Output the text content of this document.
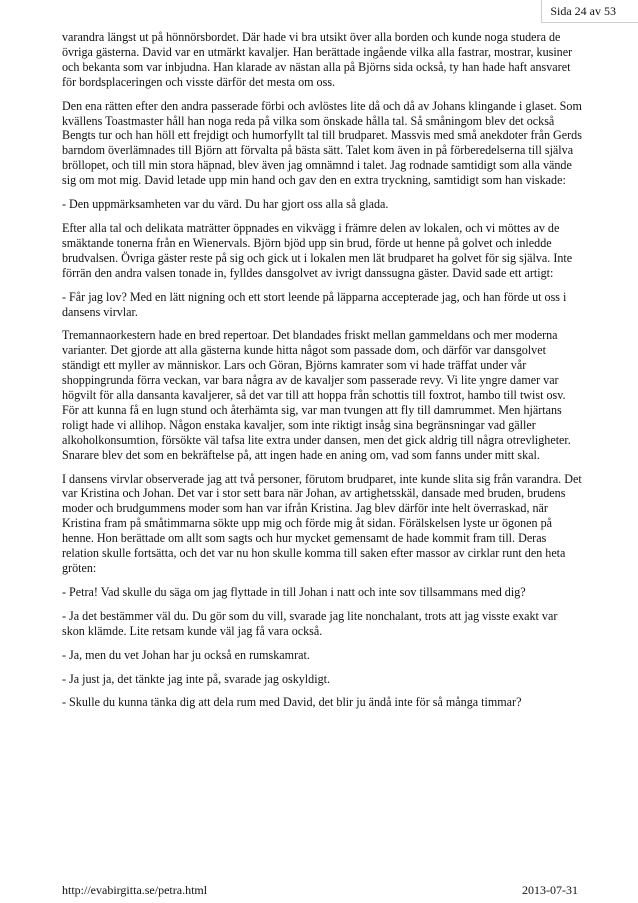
Sida 24 av 53

varandra längst ut på hönnörsbordet. Där hade vi bra utsikt över alla borden och kunde noga studera de övriga gästerna. David var en utmärkt kavaljer. Han berättade ingående vilka alla fastrar, mostrar, kusiner och bekanta som var inbjudna. Han klarade av nästan alla på Björns sida också, ty han hade haft ansvaret för bordsplaceringen och visste därför det mesta om oss.

Den ena rätten efter den andra passerade förbi och avlöstes lite då och då av Johans klingande i glaset. Som kvällens Toastmaster håll han noga reda på vilka som önskade hålla tal. Så småningom blev det också Bengts tur och han höll ett frejdigt och humorfyllt tal till brudparet. Massvis med små anekdoter från Gerds barndom överlämnades till Björn att förvalta på bästa sätt. Talet kom även in på förberedelserna till själva bröllopet, och till min stora häpnad, blev även jag omnämnd i talet. Jag rodnade samtidigt som alla vände sig om mot mig. David letade upp min hand och gav den en extra tryckning, samtidigt som han viskade:

- Den uppmärksamheten var du värd. Du har gjort oss alla så glada.

Efter alla tal och delikata maträtter öppnades en vikvägg i främre delen av lokalen, och vi möttes av de smäktande tonerna från en Wienervals. Björn bjöd upp sin brud, förde ut henne på golvet och inledde brudvalsen. Övriga gäster reste på sig och gick ut i lokalen men lät brudparet ha golvet för sig själva. Inte förrän den andra valsen tonade in, fylldes dansgolvet av ivrigt danssugna gäster. David sade ett artigt:

- Får jag lov? Med en lätt nigning och ett stort leende på läpparna accepterade jag, och han förde ut oss i dansens virvlar.

Tremannaorkestern hade en bred repertoar. Det blandades friskt mellan gammeldans och mer moderna varianter. Det gjorde att alla gästerna kunde hitta något som passade dom, och därför var dansgolvet ständigt ett myller av människor. Lars och Göran, Björns kamrater som vi hade träffat under vår shoppingrunda förra veckan, var bara några av de kavaljer som passerade revy. Vi lite yngre damer var högvilt för alla dansanta kavaljerer, så det var till att hoppa från schottis till foxtrot, hambo till twist osv. För att kunna få en lugn stund och återhämta sig, var man tvungen att fly till damrummet. Men hjärtans roligt hade vi allihop. Någon enstaka kavaljer, som inte riktigt insåg sina begränsningar vad gäller alkoholkonsumtion, försökte väl tafsa lite extra under dansen, men det gick aldrig till några otrevligheter. Snarare blev det som en bekräftelse på, att ingen hade en aning om, vad som fanns under mitt skal.

I dansens virvlar observerade jag att två personer, förutom brudparet, inte kunde slita sig från varandra. Det var Kristina och Johan. Det var i stor sett bara när Johan, av artighetsskäl, dansade med bruden, brudens moder och brudgummens moder som han var ifrån Kristina. Jag blev därför inte helt överraskad, när Kristina fram på småtimmarna sökte upp mig och förde mig åt sidan. Förälskelsen lyste ur ögonen på henne. Hon berättade om allt som sagts och hur mycket gemensamt de hade kommit fram till. Deras relation skulle fortsätta, och det var nu hon skulle komma till saken efter massor av cirklar runt den heta gröten:

- Petra! Vad skulle du säga om jag flyttade in till Johan i natt och inte sov tillsammans med dig?

- Ja det bestämmer väl du. Du gör som du vill, svarade jag lite nonchalant, trots att jag visste exakt var skon klämde. Lite retsam kunde väl jag få vara också.

- Ja, men du vet Johan har ju också en rumskamrat.

- Ja just ja, det tänkte jag inte på, svarade jag oskyldigt.

- Skulle du kunna tänka dig att dela rum med David, det blir ju ändå inte för så många timmar?

http://evabirgitta.se/petra.html	2013-07-31
